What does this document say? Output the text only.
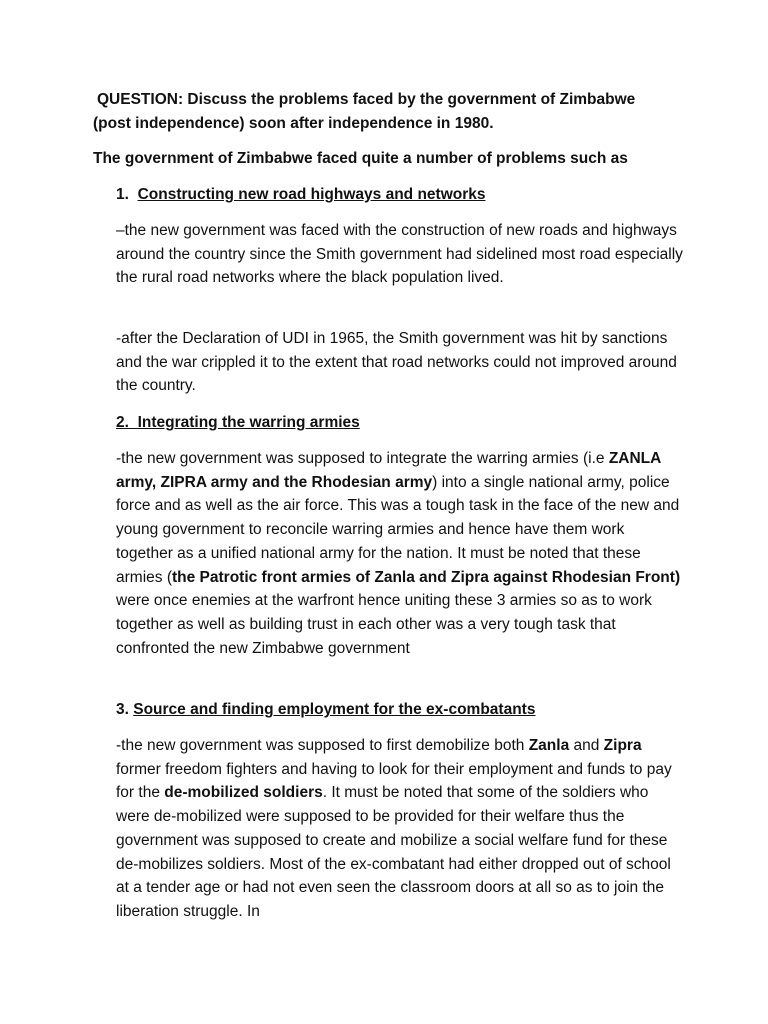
QUESTION: Discuss the problems faced by the government of Zimbabwe
(post independence) soon after independence in 1980.
The government of Zimbabwe faced quite a number of problems such as
1. Constructing new road highways and networks

–the new government was faced with the construction of new roads and highways around the country since the Smith government had sidelined most road especially the rural road networks where the black population lived.

-after the Declaration of UDI in 1965, the Smith government was hit by sanctions and the war crippled it to the extent that road networks could not improved around the country.

2. Integrating the warring armies

-the new government was supposed to integrate the warring armies (i.e ZANLA army, ZIPRA army and the Rhodesian army) into a single national army, police force and as well as the air force. This was a tough task in the face of the new and young government to reconcile warring armies and hence have them work together as a unified national army for the nation. It must be noted that these armies (the Patrotic front armies of Zanla and Zipra against Rhodesian Front) were once enemies at the warfront hence uniting these 3 armies so as to work together as well as building trust in each other was a very tough task that confronted the new Zimbabwe government

3. Source and finding employment for the ex-combatants

-the new government was supposed to first demobilize both Zanla and Zipra former freedom fighters and having to look for their employment and funds to pay for the de-mobilized soldiers. It must be noted that some of the soldiers who were de-mobilized were supposed to be provided for their welfare thus the government was supposed to create and mobilize a social welfare fund for these de-mobilizes soldiers. Most of the ex-combatant had either dropped out of school at a tender age or had not even seen the classroom doors at all so as to join the liberation struggle. In
